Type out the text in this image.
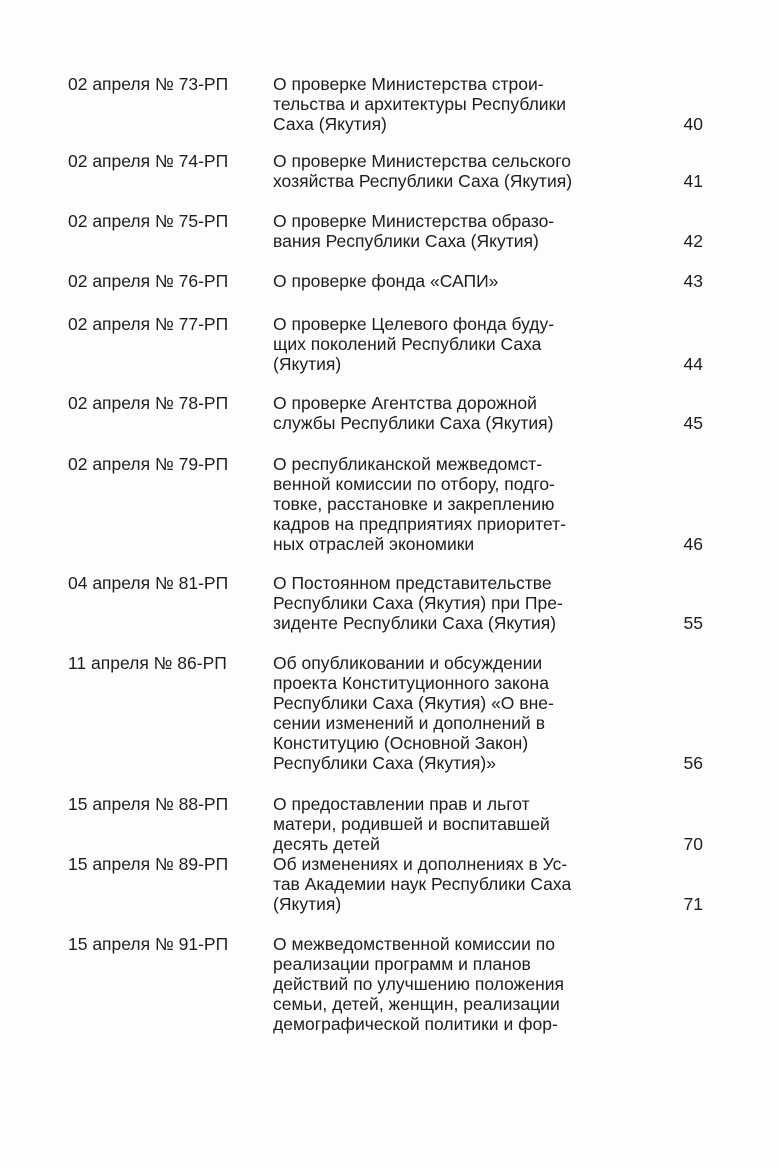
02 апреля № 73-РП	О проверке Министерства строи-
тельства и архитектуры Республики
Саха (Якутия)	40
02 апреля № 74-РП	О проверке Министерства сельского
хозяйства Республики Саха (Якутия)	41
02 апреля № 75-РП	О проверке Министерства образо-
вания Республики Саха (Якутия)	42
02 апреля № 76-РП	О проверке фонда «САПИ»	43
02 апреля № 77-РП	О проверке Целевого фонда буду-
щих поколений Республики Саха
(Якутия)	44
02 апреля № 78-РП	О проверке Агентства дорожной
службы Республики Саха (Якутия)	45
02 апреля № 79-РП	О республиканской межведомст-
венной комиссии по отбору, подго-
товке, расстановке и закреплению
кадров на предприятиях приоритет-
ных отраслей экономики	46
04 апреля № 81-РП	О Постоянном представительстве
Республики Саха (Якутия) при Пре-
зиденте Республики Саха (Якутия)	55
11 апреля № 86-РП	Об опубликовании и обсуждении
проекта Конституционного закона
Республики Саха (Якутия) «О вне-
сении изменений и дополнений в
Конституцию (Основной Закон)
Республики Саха (Якутия)»	56
15 апреля № 88-РП	О предоставлении прав и льгот
матери, родившей и воспитавшей
десять детей	70
15 апреля № 89-РП	Об изменениях и дополнениях в Ус-
тав Академии наук Республики Саха
(Якутия)	71
15 апреля № 91-РП	О межведомственной комиссии по
реализации программ и планов
действий по улучшению положения
семьи, детей, женщин, реализации
демографической политики и фор-
